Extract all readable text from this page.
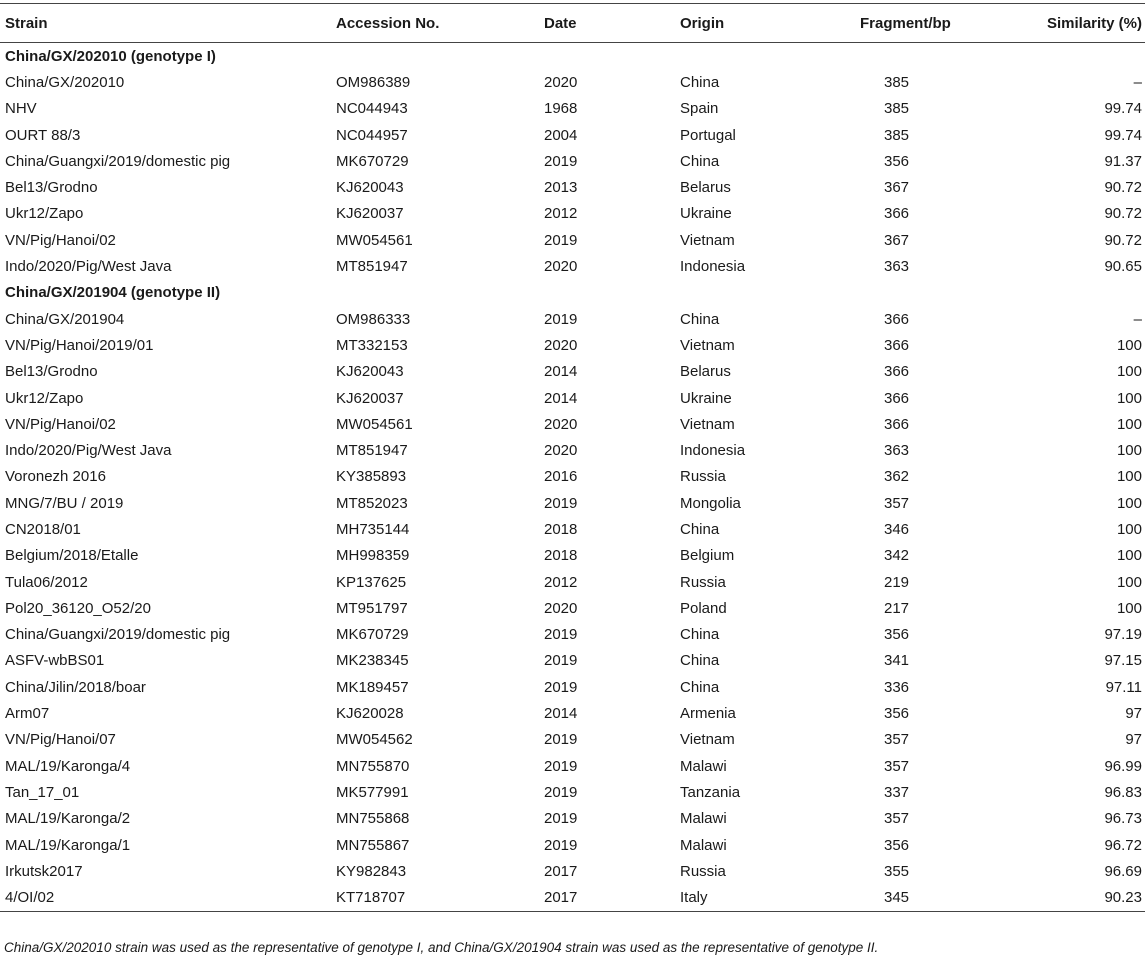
Strain	Accession No.	Date	Origin	Fragment/bp	Similarity (%)
China/GX/202010 (genotype I)					
China/GX/202010	OM986389	2020	China	385	–
NHV	NC044943	1968	Spain	385	99.74
OURT 88/3	NC044957	2004	Portugal	385	99.74
China/Guangxi/2019/domestic pig	MK670729	2019	China	356	91.37
Bel13/Grodno	KJ620043	2013	Belarus	367	90.72
Ukr12/Zapo	KJ620037	2012	Ukraine	366	90.72
VN/Pig/Hanoi/02	MW054561	2019	Vietnam	367	90.72
Indo/2020/Pig/West Java	MT851947	2020	Indonesia	363	90.65
China/GX/201904 (genotype II)					
China/GX/201904	OM986333	2019	China	366	–
VN/Pig/Hanoi/2019/01	MT332153	2020	Vietnam	366	100
Bel13/Grodno	KJ620043	2014	Belarus	366	100
Ukr12/Zapo	KJ620037	2014	Ukraine	366	100
VN/Pig/Hanoi/02	MW054561	2020	Vietnam	366	100
Indo/2020/Pig/West Java	MT851947	2020	Indonesia	363	100
Voronezh 2016	KY385893	2016	Russia	362	100
MNG/7/BU / 2019	MT852023	2019	Mongolia	357	100
CN2018/01	MH735144	2018	China	346	100
Belgium/2018/Etalle	MH998359	2018	Belgium	342	100
Tula06/2012	KP137625	2012	Russia	219	100
Pol20_36120_O52/20	MT951797	2020	Poland	217	100
China/Guangxi/2019/domestic pig	MK670729	2019	China	356	97.19
ASFV-wbBS01	MK238345	2019	China	341	97.15
China/Jilin/2018/boar	MK189457	2019	China	336	97.11
Arm07	KJ620028	2014	Armenia	356	97
VN/Pig/Hanoi/07	MW054562	2019	Vietnam	357	97
MAL/19/Karonga/4	MN755870	2019	Malawi	357	96.99
Tan_17_01	MK577991	2019	Tanzania	337	96.83
MAL/19/Karonga/2	MN755868	2019	Malawi	357	96.73
MAL/19/Karonga/1	MN755867	2019	Malawi	356	96.72
Irkutsk2017	KY982843	2017	Russia	355	96.69
4/OI/02	KT718707	2017	Italy	345	90.23
China/GX/202010 strain was used as the representative of genotype I, and China/GX/201904 strain was used as the representative of genotype II.
